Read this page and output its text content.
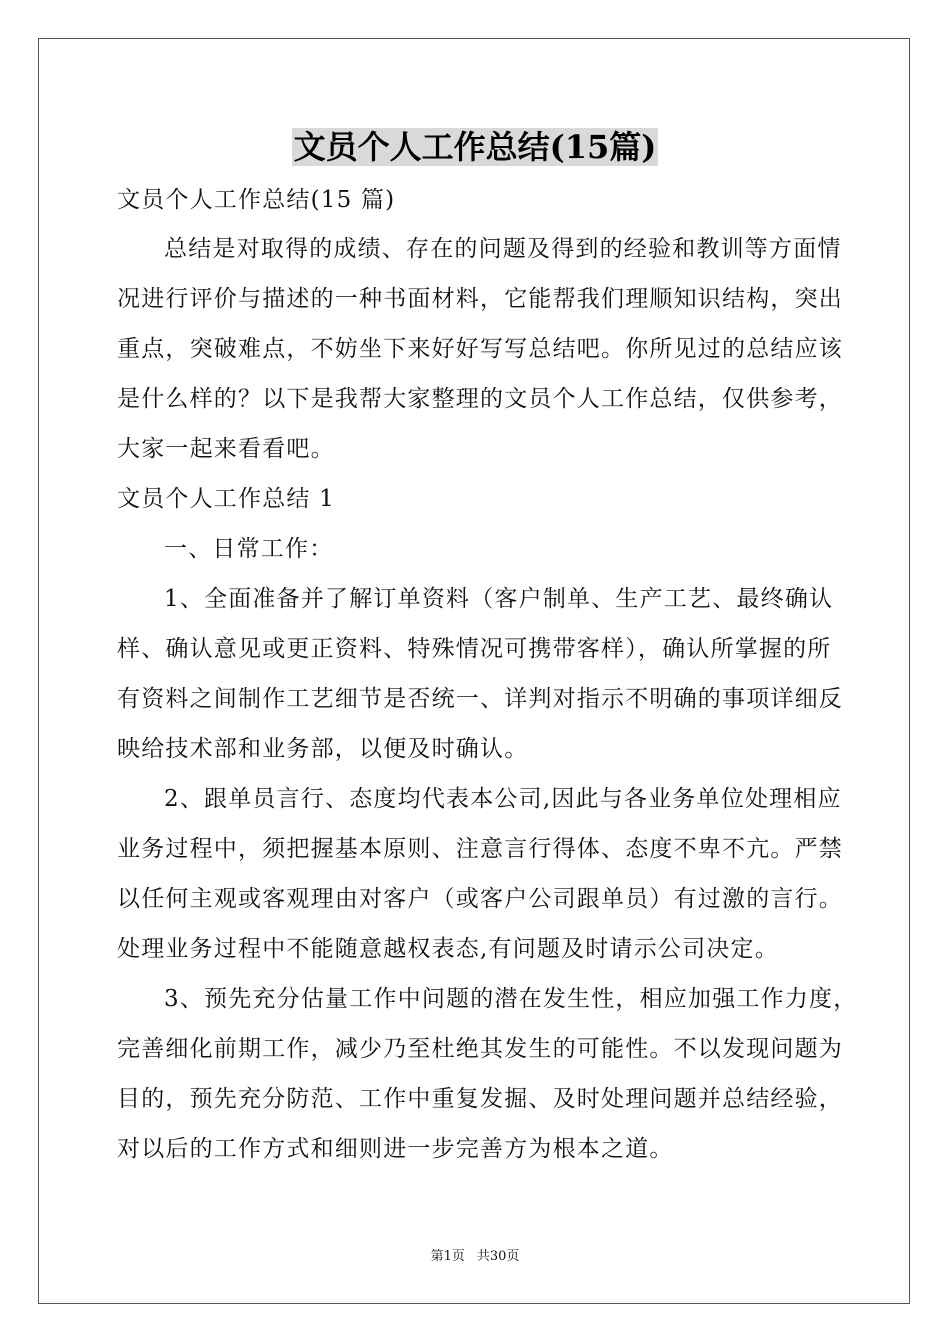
文员个人工作总结(15篇)
文员个人工作总结(15 篇)
总结是对取得的成绩、存在的问题及得到的经验和教训等方面情
况进行评价与描述的一种书面材料，它能帮我们理顺知识结构，突出
重点，突破难点，不妨坐下来好好写写总结吧。你所见过的总结应该
是什么样的？以下是我帮大家整理的文员个人工作总结，仅供参考，
大家一起来看看吧。
文员个人工作总结 1
一、日常工作：
1、全面准备并了解订单资料（客户制单、生产工艺、最终确认
样、确认意见或更正资料、特殊情况可携带客样），确认所掌握的所
有资料之间制作工艺细节是否统一、详判对指示不明确的事项详细反
映给技术部和业务部，以便及时确认。
2、跟单员言行、态度均代表本公司,因此与各业务单位处理相应
业务过程中，须把握基本原则、注意言行得体、态度不卑不亢。严禁
以任何主观或客观理由对客户（或客户公司跟单员）有过激的言行。
处理业务过程中不能随意越权表态,有问题及时请示公司决定。
3、预先充分估量工作中问题的潜在发生性，相应加强工作力度，
完善细化前期工作，减少乃至杜绝其发生的可能性。不以发现问题为
目的，预先充分防范、工作中重复发掘、及时处理问题并总结经验，
对以后的工作方式和细则进一步完善方为根本之道。
第1页 共30页
